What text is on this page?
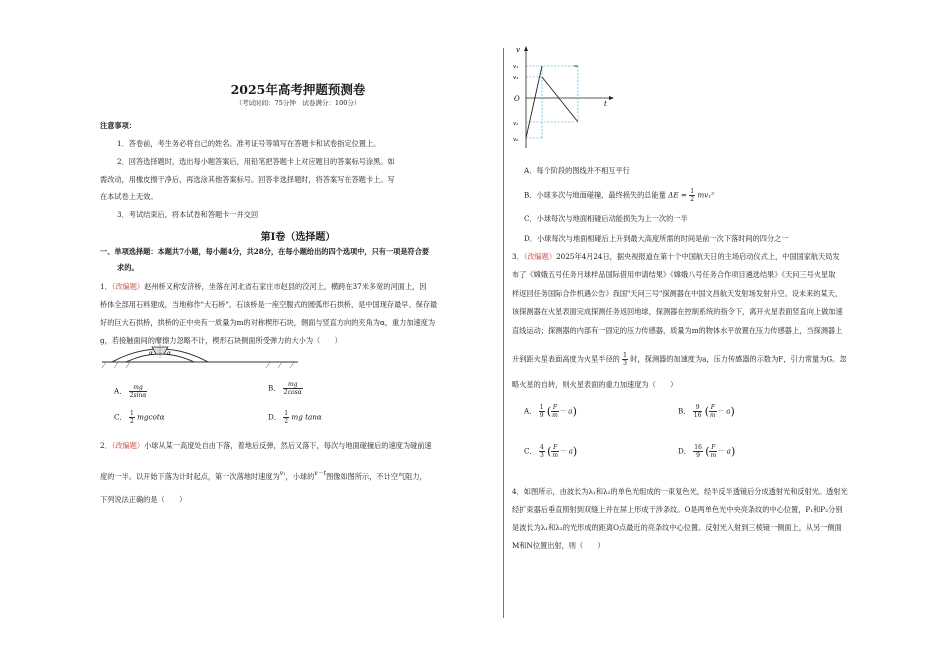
2025年高考押题预测卷
（考试时间：75分钟　试卷满分：100分）
注意事项：
1．答卷前，考生务必将自己的姓名、准考证号等填写在答题卡和试卷指定位置上。
2．回答选择题时，选出每小题答案后，用铅笔把答题卡上对应题目的答案标号涂黑。如
需改动，用橡皮擦干净后，再选涂其他答案标号。回答非选择题时，将答案写在答题卡上。写
在本试卷上无效。
3．考试结束后，将本试卷和答题卡一并交回
第Ⅰ卷（选择题）
一、单项选择题：本题共7小题，每小题4分，共28分，在每小题给出的四个选项中，只有一项是符合要
求的。
1．（改编题）赵州桥又称安济桥，坐落在河北省石家庄市赵县的洨河上，横跨在37米多宽的河面上，因
桥体全部用石料建成，当地称作"大石桥"。石该桥是一座空腹式的圆弧形石拱桥，是中国现存最早、保存最
好的巨大石拱桥，拱桥的正中央有一质量为m的对称楔形石块，侧面与竖直方向的夹角为α，重力加速度为
g，若接触面间的摩擦力忽略不计，楔形石块侧面所受弹力的大小为（　　）
α α
A． $\frac{mg}{2\sin\alpha}$	B． $\frac{mg}{2\cos\alpha}$
C． $\frac{1}{2}$ mgcotα	D． $\frac{1}{2}$ mg tanα
2．（改编题）小球从某一高度处自由下落，着地后反弹，然后又落下，每次与地面碰撞后的速度为碰前速
度的一半。以开始下落为计时起点，第一次落地时速度为$^{v_1}$，小球的$^{v-t}$图像如图所示，不计空气阻力，
下列说法正确的是（　　）
v
t
O
v₁
v₃
v₂
v₀
A．每个阶段的图线并不相互平行
B．小球多次与地面碰撞，最终损失的总能量 $\Delta E = \frac{1}{2} mv_1^2$
C．小球每次与地面相碰后动能损失为上一次的一半
D．小球每次与地面相碰后上升到最大高度所需的时间是前一次下落时间的四分之一
3．（改编题）2025年4月24日，据央视报道在第十个中国航天日的主场启动仪式上，中国国家航天局发
布了《嫦娥五号任务月球样品国际借用申请结果》《嫦娥八号任务合作项目遴选结果》《天问三号火星取
样返回任务国际合作机遇公告》我国"天问三号"探测器在中国文昌航天发射场发射升空。设未来的某天，
该探测器在火星表面完成探测任务返回地球，探测器在控制系统的指令下，离开火星表面竖直向上做加速
直线运动；探测器的内部有一固定的压力传感器，质量为m的物体水平放置在压力传感器上，当探测器上
升到距火星表面高度为火星半径的 $\frac{1}{3}$ 时，探测器的加速度为a，压力传感器的示数为F，引力常量为G。忽
略火星的自转，则火星表面的重力加速度为（　　）
A． $\frac{1}{9}$ ( $\frac{F}{m} - a$)	B． $\frac{9}{16}$ ( $\frac{F}{m} - a$)
C． $\frac{4}{3}$ ( $\frac{F}{m} - a$)	D． $\frac{16}{9}$ ( $\frac{F}{m} - a$)
4．如图所示，由波长为λ₁和λ₂的单色光组成的一束复色光，经半反半透镜后分成透射光和反射光。透射光
经扩束器后垂直照射到双缝上并在屏上形成干涉条纹。O是两单色光中央亮条纹的中心位置，P₁和P₂分别
是波长为λ₁和λ₂的光形成的距离O点最近的亮条纹中心位置。反射光入射到三棱镜一侧面上，从另一侧面
M和N位置出射，则（　　）
